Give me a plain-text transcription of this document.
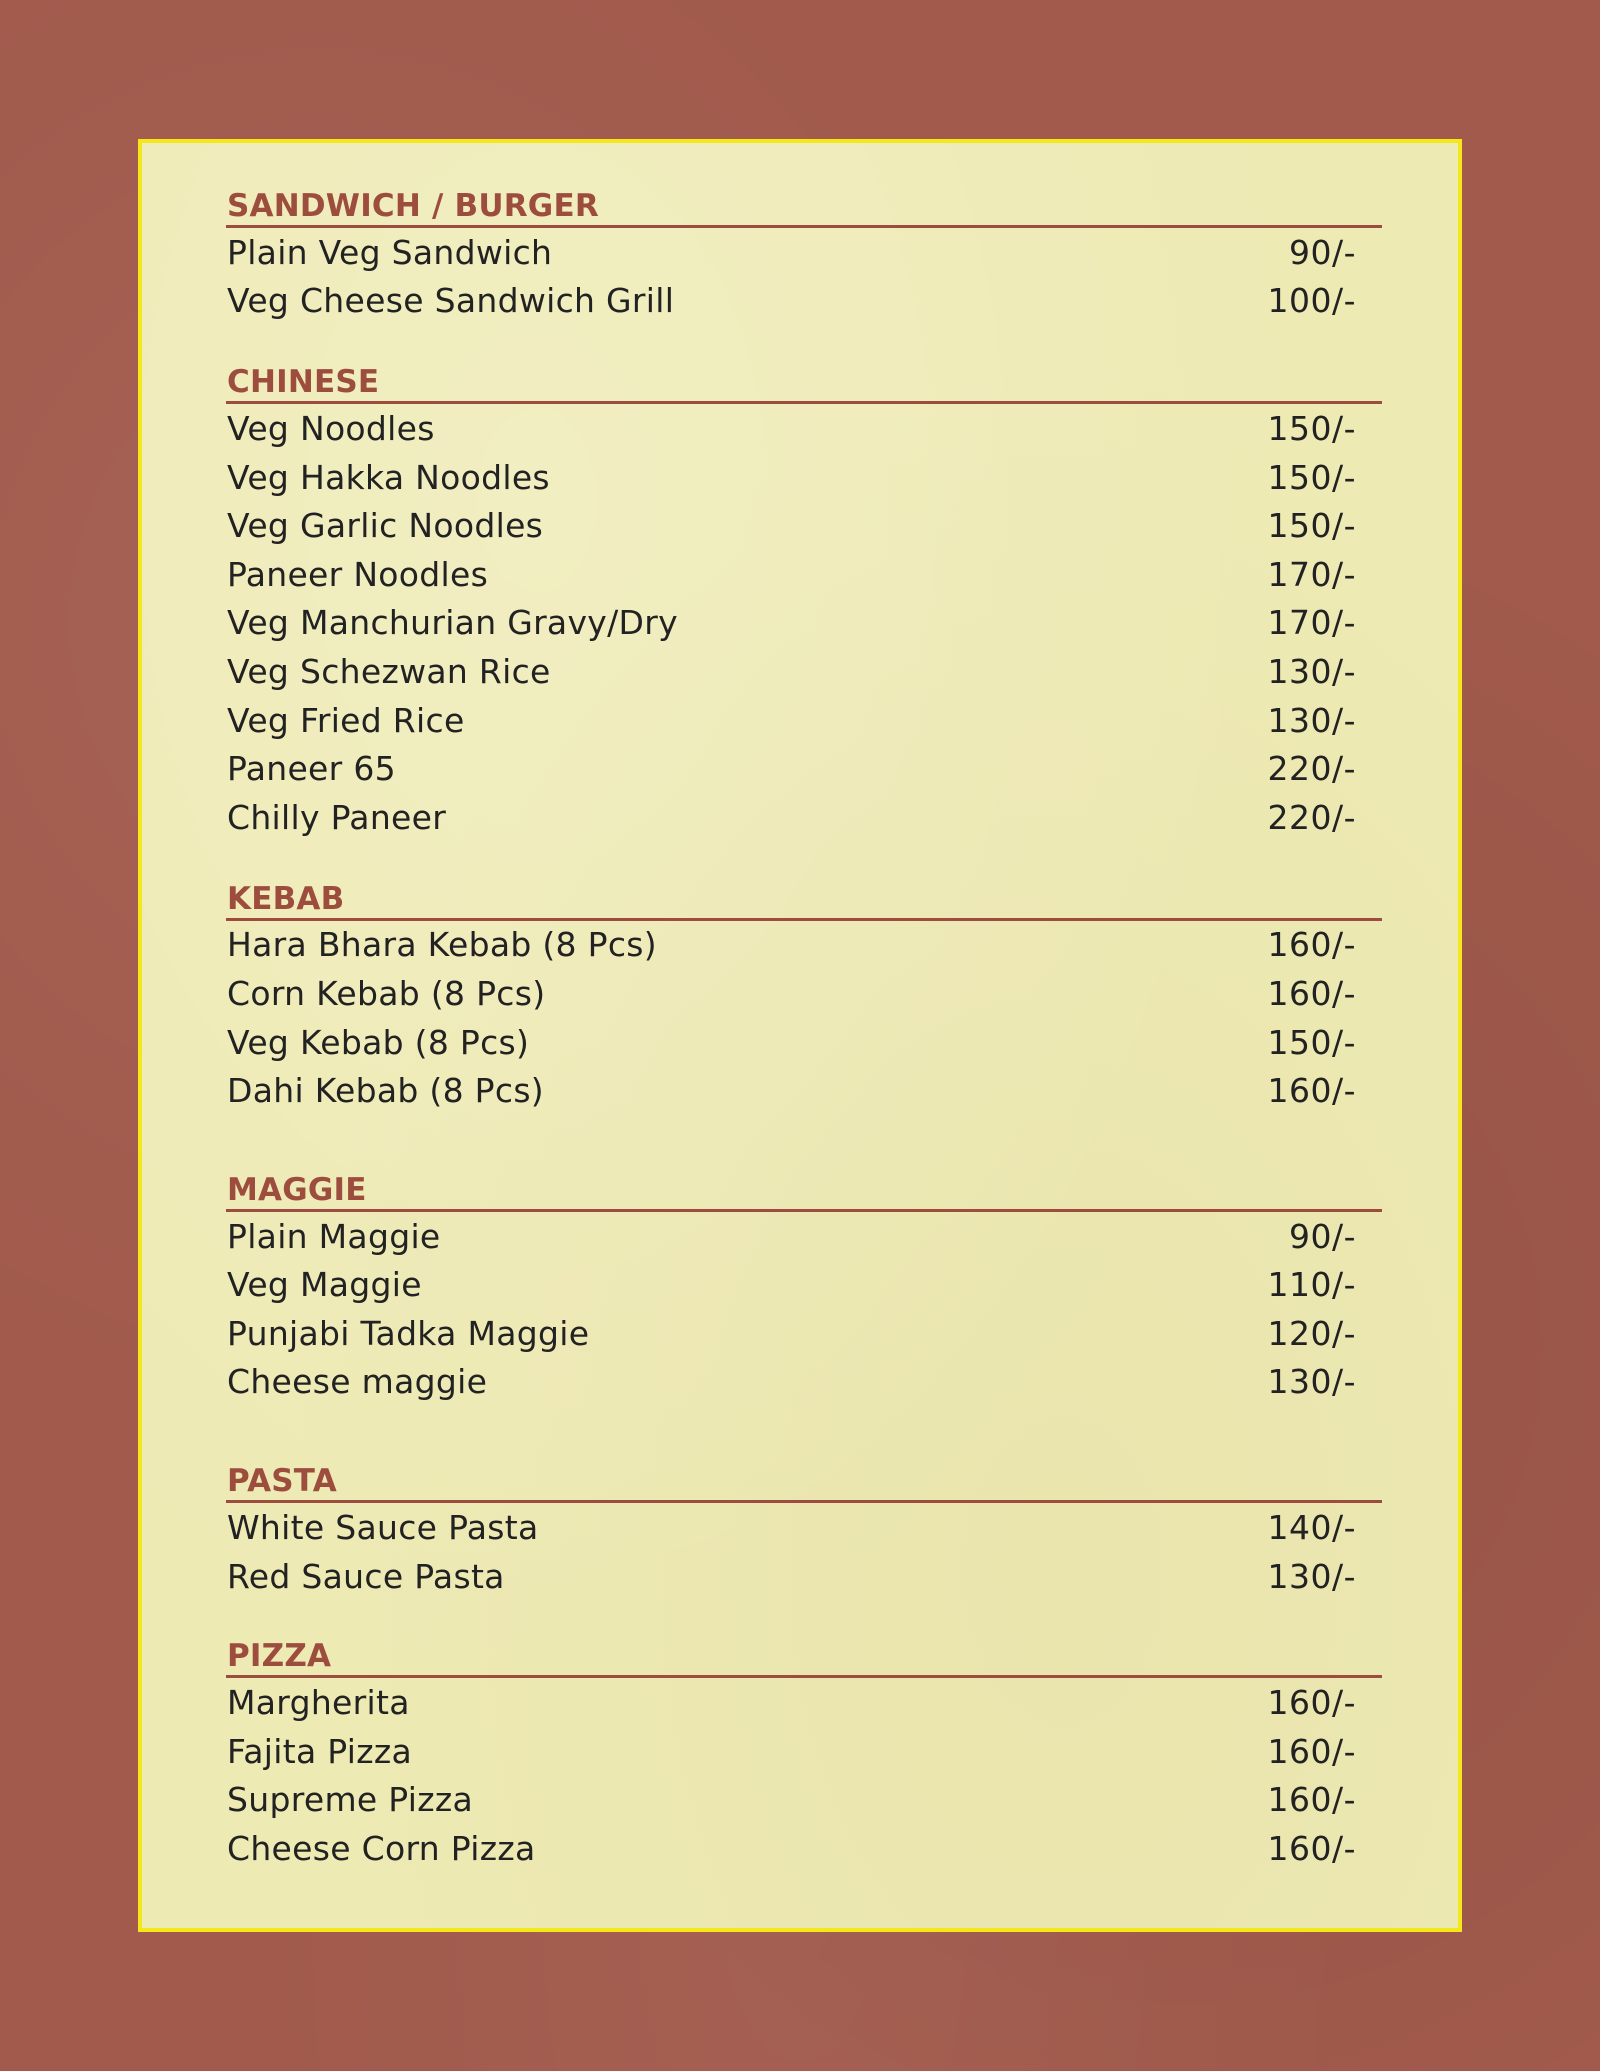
SANDWICH / BURGER
Plain Veg Sandwich	90/-
Veg Cheese Sandwich Grill	100/-
CHINESE
Veg Noodles	150/-
Veg Hakka Noodles	150/-
Veg Garlic Noodles	150/-
Paneer Noodles	170/-
Veg Manchurian Gravy/Dry	170/-
Veg Schezwan Rice	130/-
Veg Fried Rice	130/-
Paneer 65	220/-
Chilly Paneer	220/-
KEBAB
Hara Bhara Kebab (8 Pcs)	160/-
Corn Kebab (8 Pcs)	160/-
Veg Kebab (8 Pcs)	150/-
Dahi Kebab (8 Pcs)	160/-
MAGGIE
Plain Maggie	90/-
Veg Maggie	110/-
Punjabi Tadka Maggie	120/-
Cheese maggie	130/-
PASTA
White Sauce Pasta	140/-
Red Sauce Pasta	130/-
PIZZA
Margherita	160/-
Fajita Pizza	160/-
Supreme Pizza	160/-
Cheese Corn Pizza	160/-
